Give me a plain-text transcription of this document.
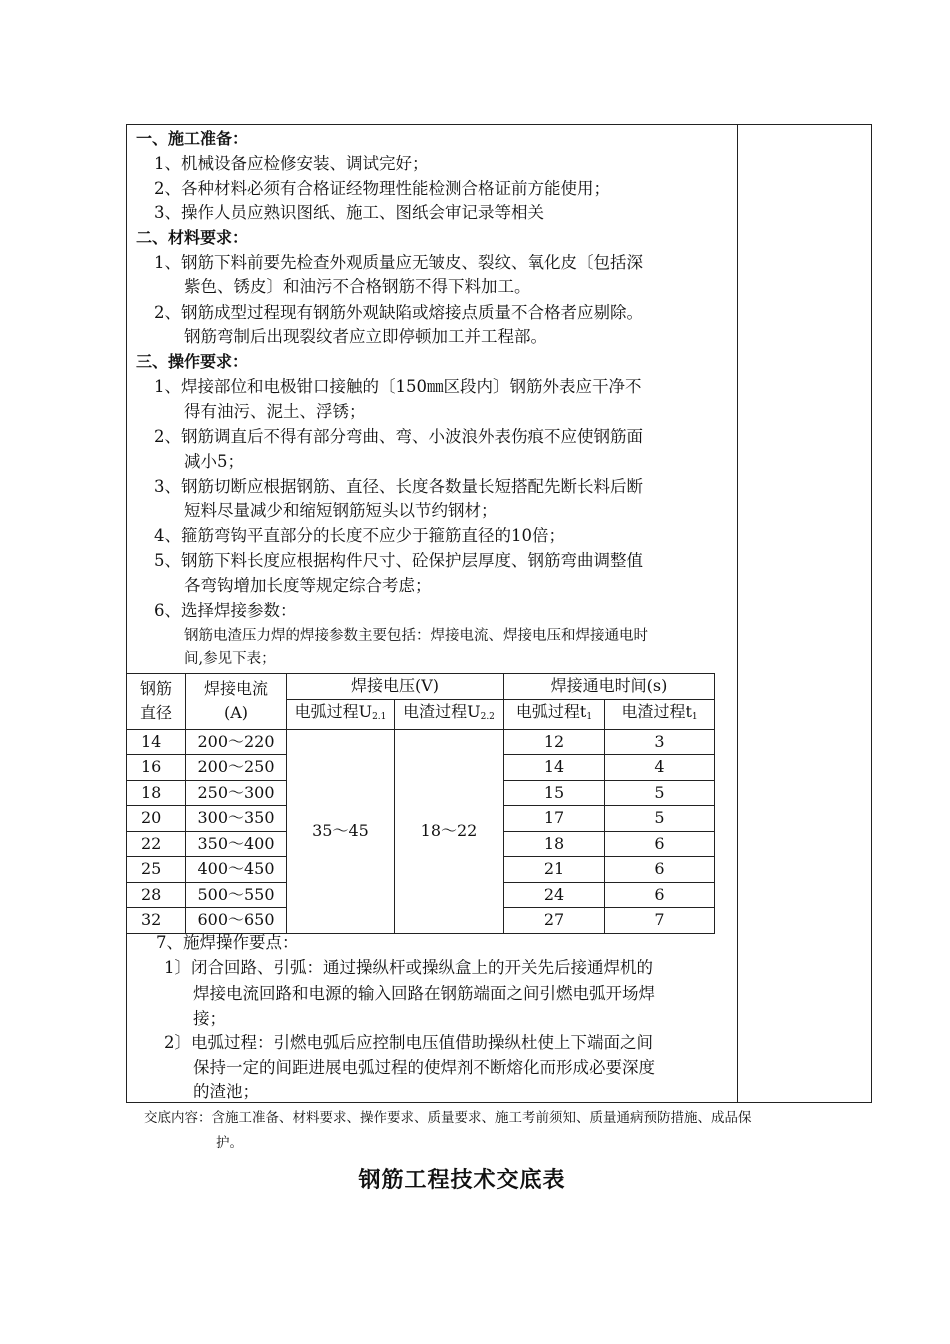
一、施工准备：
1、机械设备应检修安装、调试完好；
2、各种材料必须有合格证经物理性能检测合格证前方能使用；
3、操作人员应熟识图纸、施工、图纸会审记录等相关
二、材料要求：
1、钢筋下料前要先检查外观质量应无皱皮、裂纹、氧化皮〔包括深
紫色、锈皮〕和油污不合格钢筋不得下料加工。
2、钢筋成型过程现有钢筋外观缺陷或熔接点质量不合格者应剔除。
钢筋弯制后出现裂纹者应立即停顿加工并工程部。
三、操作要求：
1、焊接部位和电极钳口接触的〔150㎜区段内〕钢筋外表应干净不
得有油污、泥土、浮锈；
2、钢筋调直后不得有部分弯曲、弯、小波浪外表伤痕不应使钢筋面
减小5；
3、钢筋切断应根据钢筋、直径、长度各数量长短搭配先断长料后断
短料尽量减少和缩短钢筋短头以节约钢材；
4、箍筋弯钩平直部分的长度不应少于箍筋直径的10倍；
5、钢筋下料长度应根据构件尺寸、砼保护层厚度、钢筋弯曲调整值
各弯钩增加长度等规定综合考虑；
6、选择焊接参数：
钢筋电渣压力焊的焊接参数主要包括：焊接电流、焊接电压和焊接通电时
间,参见下表；
钢筋
直径	焊接电流
(A)	焊接电压(V)		焊接通电时间(s)	
		电弧过程$U_{2.1}$	电渣过程$U_{2.2}$	电弧过程$t_1$	电渣过程$t_1$
14	200～220	35～45	18～22	12	3
16	200～250			14	4
18	250～300			15	5
20	300～350			17	5
22	350～400			18	6
25	400～450			21	6
28	500～550			24	6
32	600～650			27	7
7、施焊操作要点：
1〕闭合回路、引弧：通过操纵杆或操纵盒上的开关先后接通焊机的
焊接电流回路和电源的输入回路在钢筋端面之间引燃电弧开场焊
接；
2〕电弧过程：引燃电弧后应控制电压值借助操纵杜使上下端面之间
保持一定的间距进展电弧过程的使焊剂不断熔化而形成必要深度
的渣池；
交底内容：含施工准备、材料要求、操作要求、质量要求、施工考前须知、质量通病预防措施、成品保
护。
钢筋工程技术交底表
